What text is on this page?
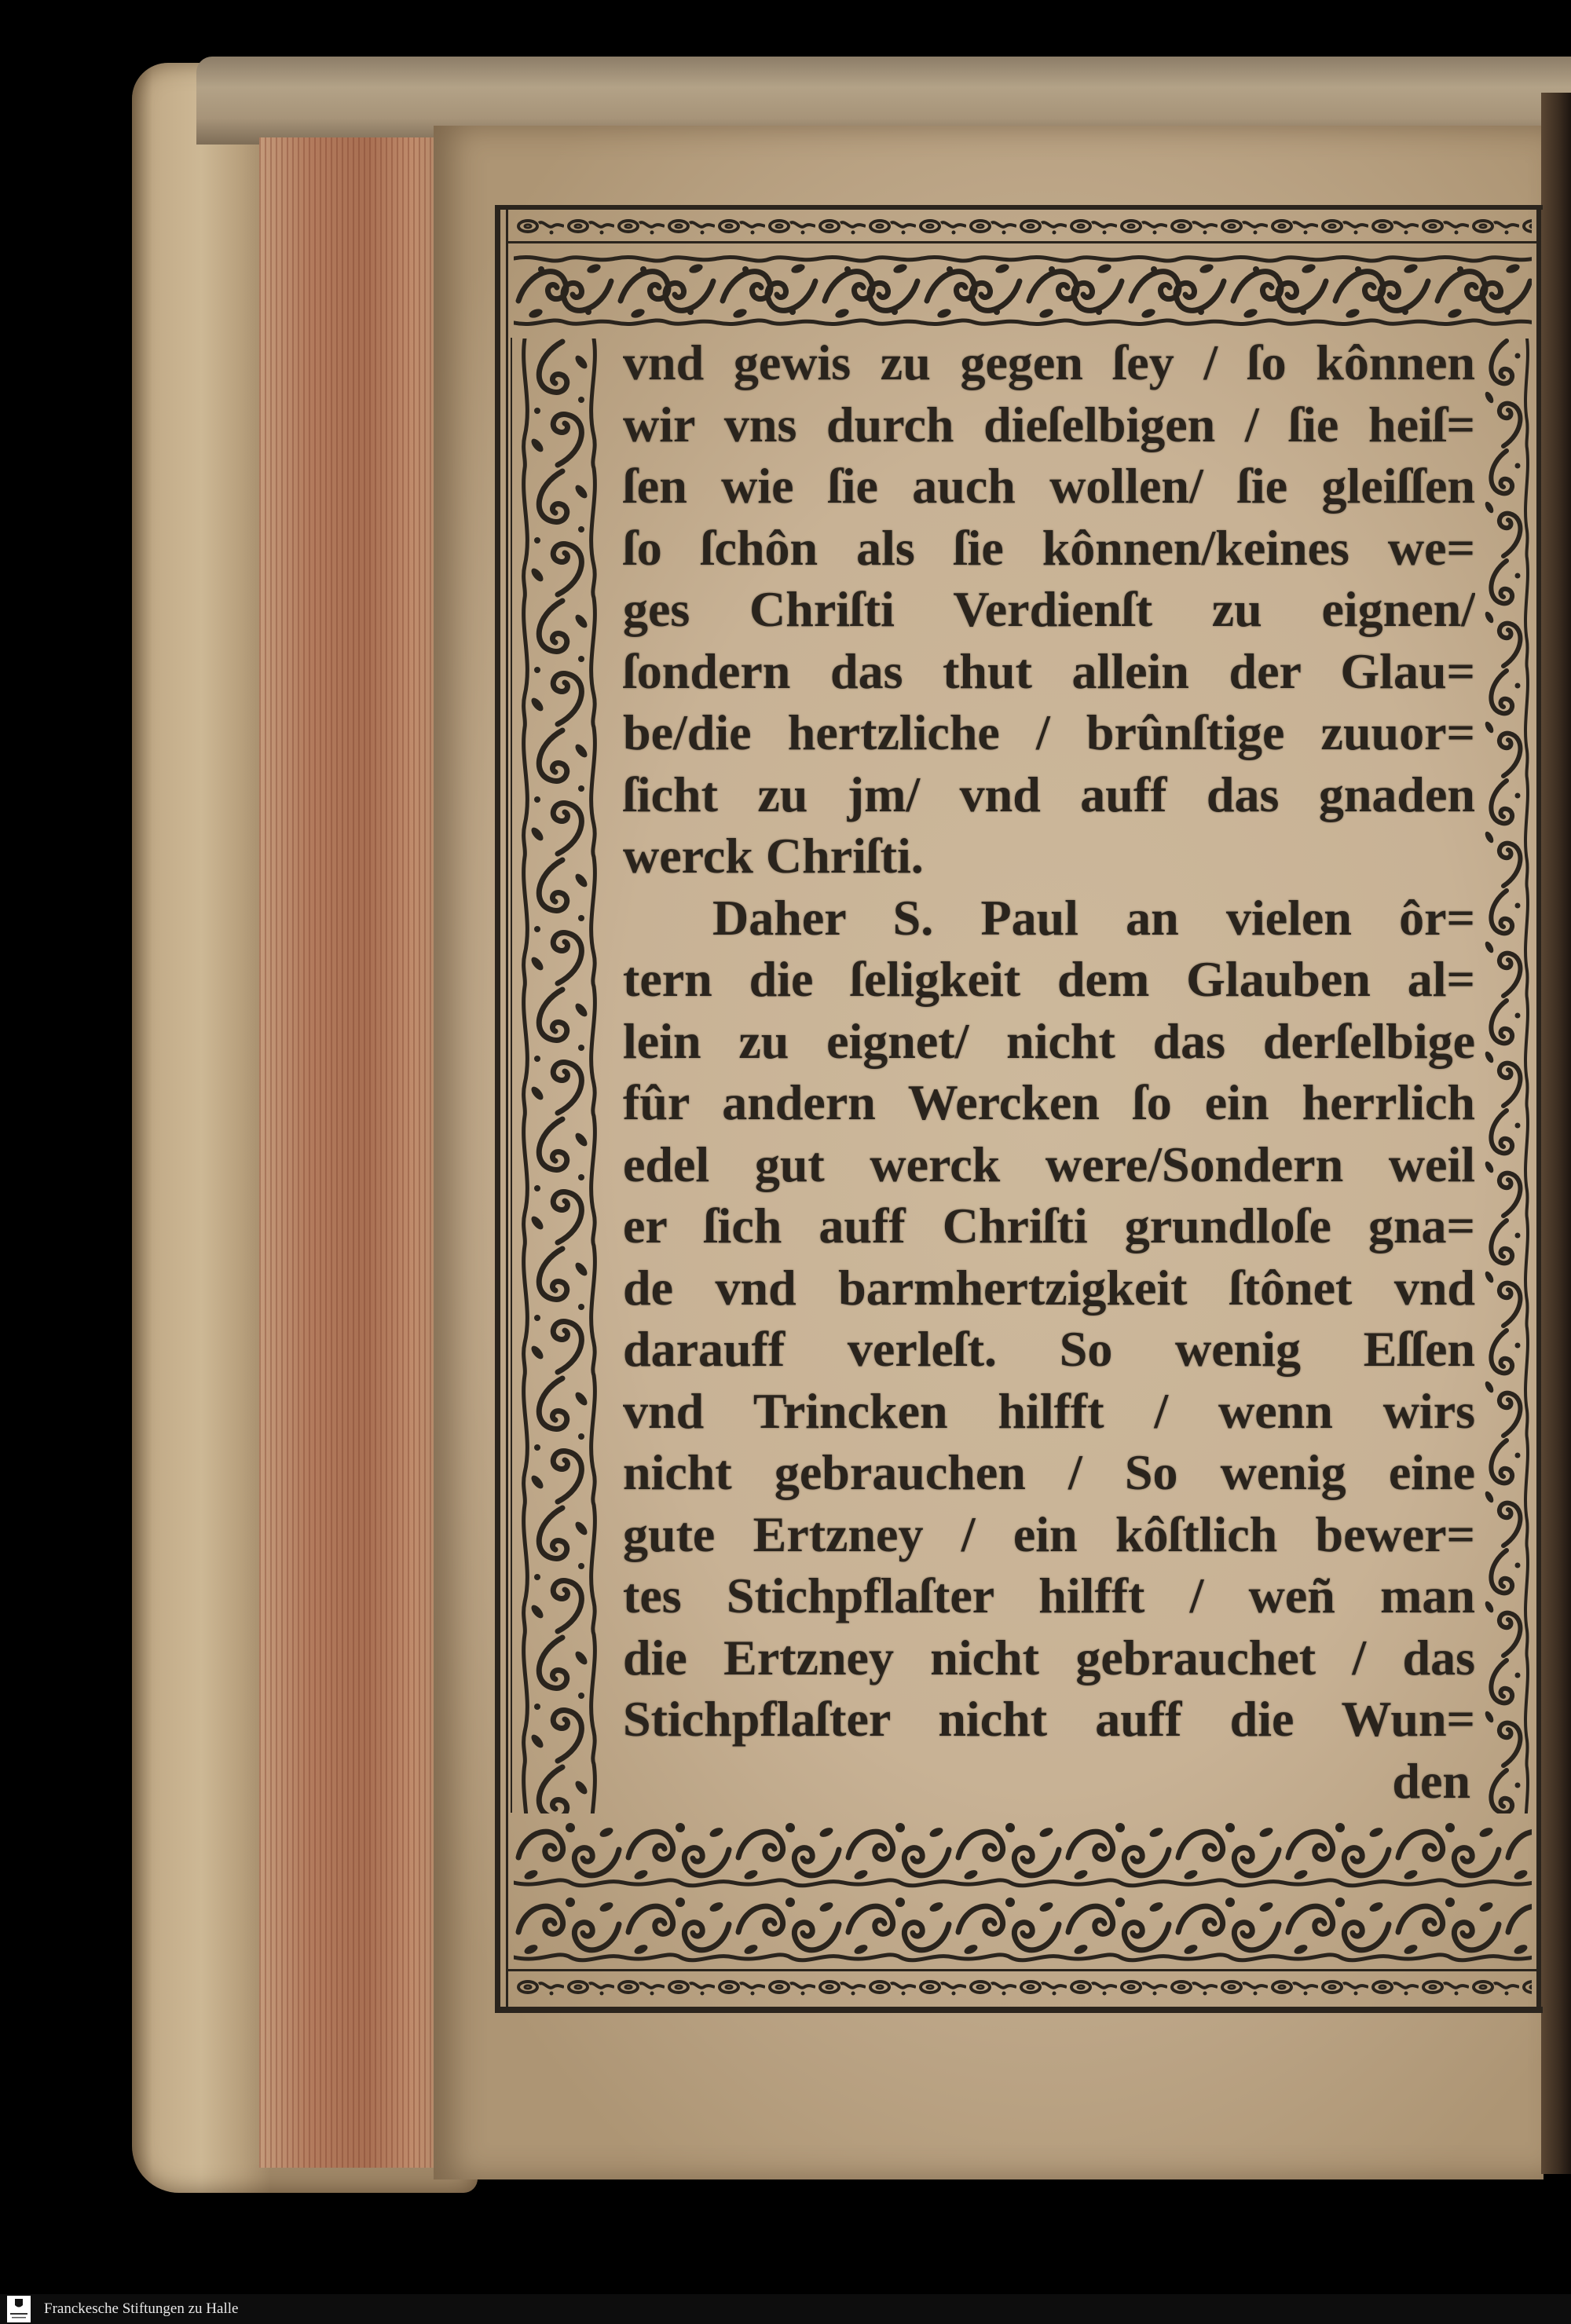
vnd gewis zu gegen ſey / ſo kônnen
wir vns durch dieſelbigen / ſie heiſ=
ſen wie ſie auch wollen/ ſie gleiſſen
ſo ſchôn als ſie kônnen/keines we=
ges Chriſti Verdienſt zu eignen/
ſondern das thut allein der Glau=
be/die hertzliche / brûnſtige zuuor=
ſicht zu jm/ vnd auff das gnaden
werck Chriſti.
Daher S. Paul an vielen ôr=
tern die ſeligkeit dem Glauben al=
lein zu eignet/ nicht das derſelbige
fûr andern Wercken ſo ein herrlich
edel gut werck were/Sondern weil
er ſich auff Chriſti grundloſe gna=
de vnd barmhertzigkeit ſtônet vnd
darauff verleſt. So wenig Eſſen
vnd Trincken hilfft / wenn wirs
nicht gebrauchen / So wenig eine
gute Ertzney / ein kôſtlich bewer=
tes Stichpflaſter hilfft / weñ man
die Ertzney nicht gebrauchet / das
Stichpflaſter nicht auff die Wun=
den
Franckesche Stiftungen zu Halle
